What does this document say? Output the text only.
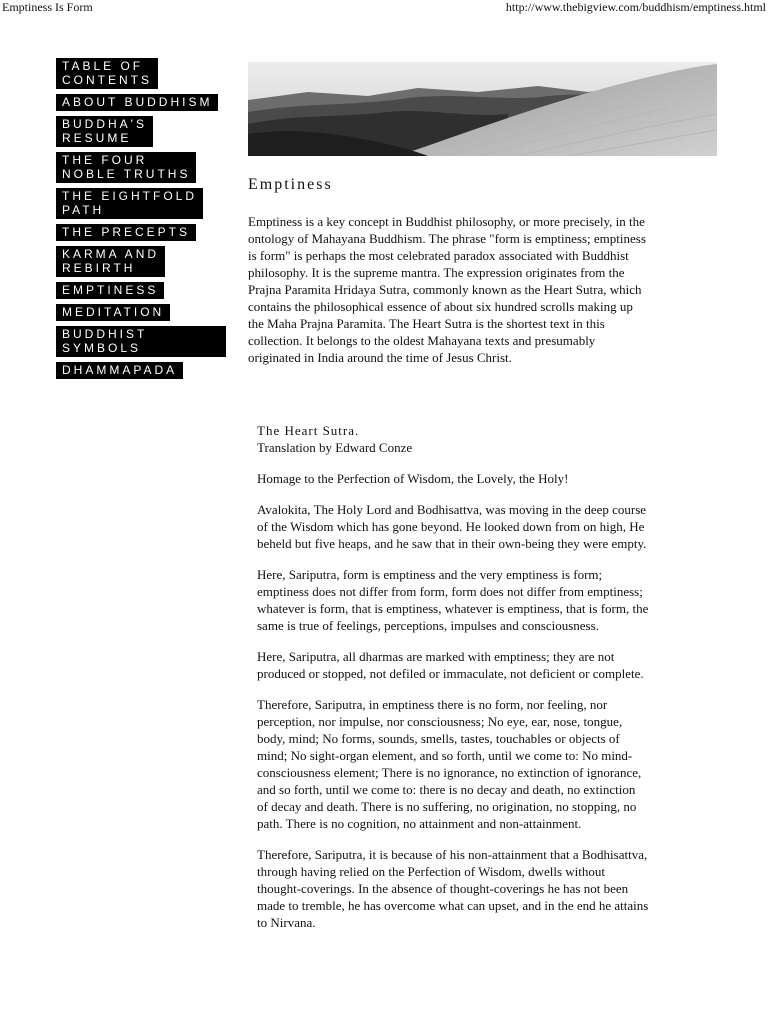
Emptiness Is Form	http://www.thebigview.com/buddhism/emptiness.html
TABLE OF
CONTENTS
ABOUT BUDDHISM
BUDDHA'S
RESUME
THE FOUR
NOBLE TRUTHS
THE EIGHTFOLD
PATH
THE PRECEPTS
KARMA AND
REBIRTH
EMPTINESS
MEDITATION
BUDDHIST SYMBOLS
DHAMMAPADA
Emptiness

Emptiness is a key concept in Buddhist philosophy, or more precisely, in the ontology of Mahayana Buddhism. The phrase "form is emptiness; emptiness is form" is perhaps the most celebrated paradox associated with Buddhist philosophy. It is the supreme mantra. The expression originates from the Prajna Paramita Hridaya Sutra, commonly known as the Heart Sutra, which contains the philosophical essence of about six hundred scrolls making up the Maha Prajna Paramita. The Heart Sutra is the shortest text in this collection. It belongs to the oldest Mahayana texts and presumably originated in India around the time of Jesus Christ.

The Heart Sutra.
Translation by Edward Conze

Homage to the Perfection of Wisdom, the Lovely, the Holy!

Avalokita, The Holy Lord and Bodhisattva, was moving in the deep course of the Wisdom which has gone beyond. He looked down from on high, He beheld but five heaps, and he saw that in their own-being they were empty.

Here, Sariputra, form is emptiness and the very emptiness is form; emptiness does not differ from form, form does not differ from emptiness; whatever is form, that is emptiness, whatever is emptiness, that is form, the same is true of feelings, perceptions, impulses and consciousness.

Here, Sariputra, all dharmas are marked with emptiness; they are not produced or stopped, not defiled or immaculate, not deficient or complete.

Therefore, Sariputra, in emptiness there is no form, nor feeling, nor perception, nor impulse, nor consciousness; No eye, ear, nose, tongue, body, mind; No forms, sounds, smells, tastes, touchables or objects of mind; No sight-organ element, and so forth, until we come to: No mind-consciousness element; There is no ignorance, no extinction of ignorance, and so forth, until we come to: there is no decay and death, no extinction of decay and death. There is no suffering, no origination, no stopping, no path. There is no cognition, no attainment and non-attainment.

Therefore, Sariputra, it is because of his non-attainment that a Bodhisattva, through having relied on the Perfection of Wisdom, dwells without thought-coverings. In the absence of thought-coverings he has not been made to tremble, he has overcome what can upset, and in the end he attains to Nirvana.
